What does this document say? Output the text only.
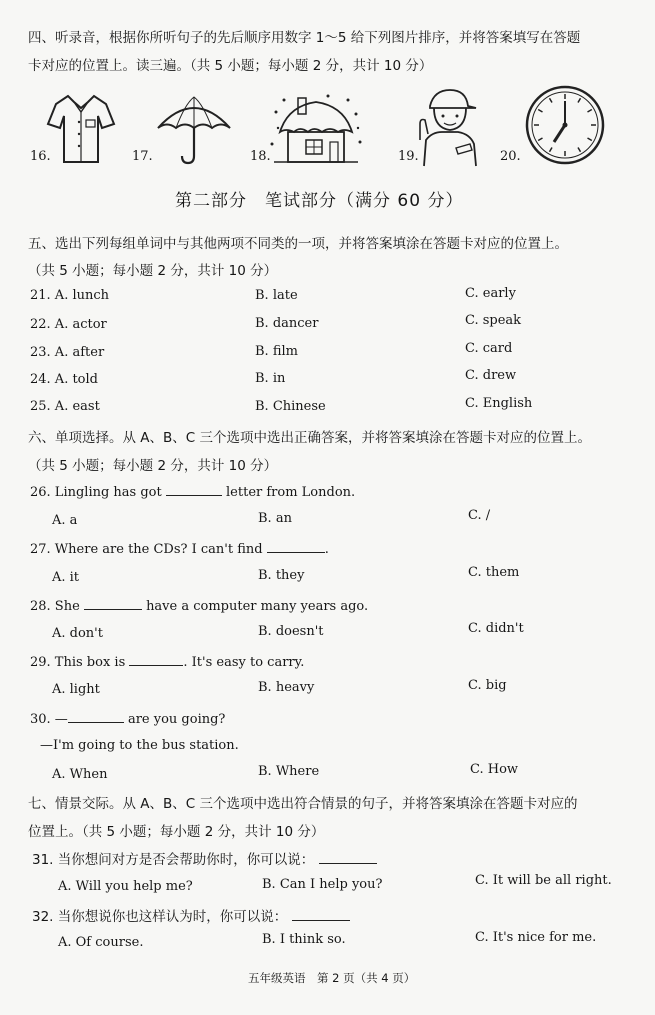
四、听录音，根据你所听句子的先后顺序用数字 1～5 给下列图片排序，并将答案填写在答题
卡对应的位置上。读三遍。（共 5 小题；每小题 2 分，共计 10 分）
16.	17.	18.	19.	20.
第二部分　笔试部分（满分 60 分）
五、选出下列每组单词中与其他两项不同类的一项，并将答案填涂在答题卡对应的位置上。
（共 5 小题；每小题 2 分，共计 10 分）
21. A. lunch	B. late	C. early
22. A. actor	B. dancer	C. speak
23. A. after	B. film	C. card
24. A. told	B. in	C. drew
25. A. east	B. Chinese	C. English
六、单项选择。从 A、B、C 三个选项中选出正确答案，并将答案填涂在答题卡对应的位置上。
（共 5 小题；每小题 2 分，共计 10 分）
26. Lingling has got	letter from London.
A. a	B. an	C. /
27. Where are the CDs? I can't find	.
A. it	B. they	C. them
28. She	have a computer many years ago.
A. don't	B. doesn't	C. didn't
29. This box is	. It's easy to carry.
A. light	B. heavy	C. big
30. —	are you going?
—I'm going to the bus station.
A. When	B. Where	C. How
七、情景交际。从 A、B、C 三个选项中选出符合情景的句子，并将答案填涂在答题卡对应的
位置上。（共 5 小题；每小题 2 分，共计 10 分）
31. 当你想问对方是否会帮助你时，你可以说：
A. Will you help me?	B. Can I help you?	C. It will be all right.
32. 当你想说你也这样认为时，你可以说：
A. Of course.	B. I think so.	C. It's nice for me.
五年级英语　第 2 页（共 4 页）
